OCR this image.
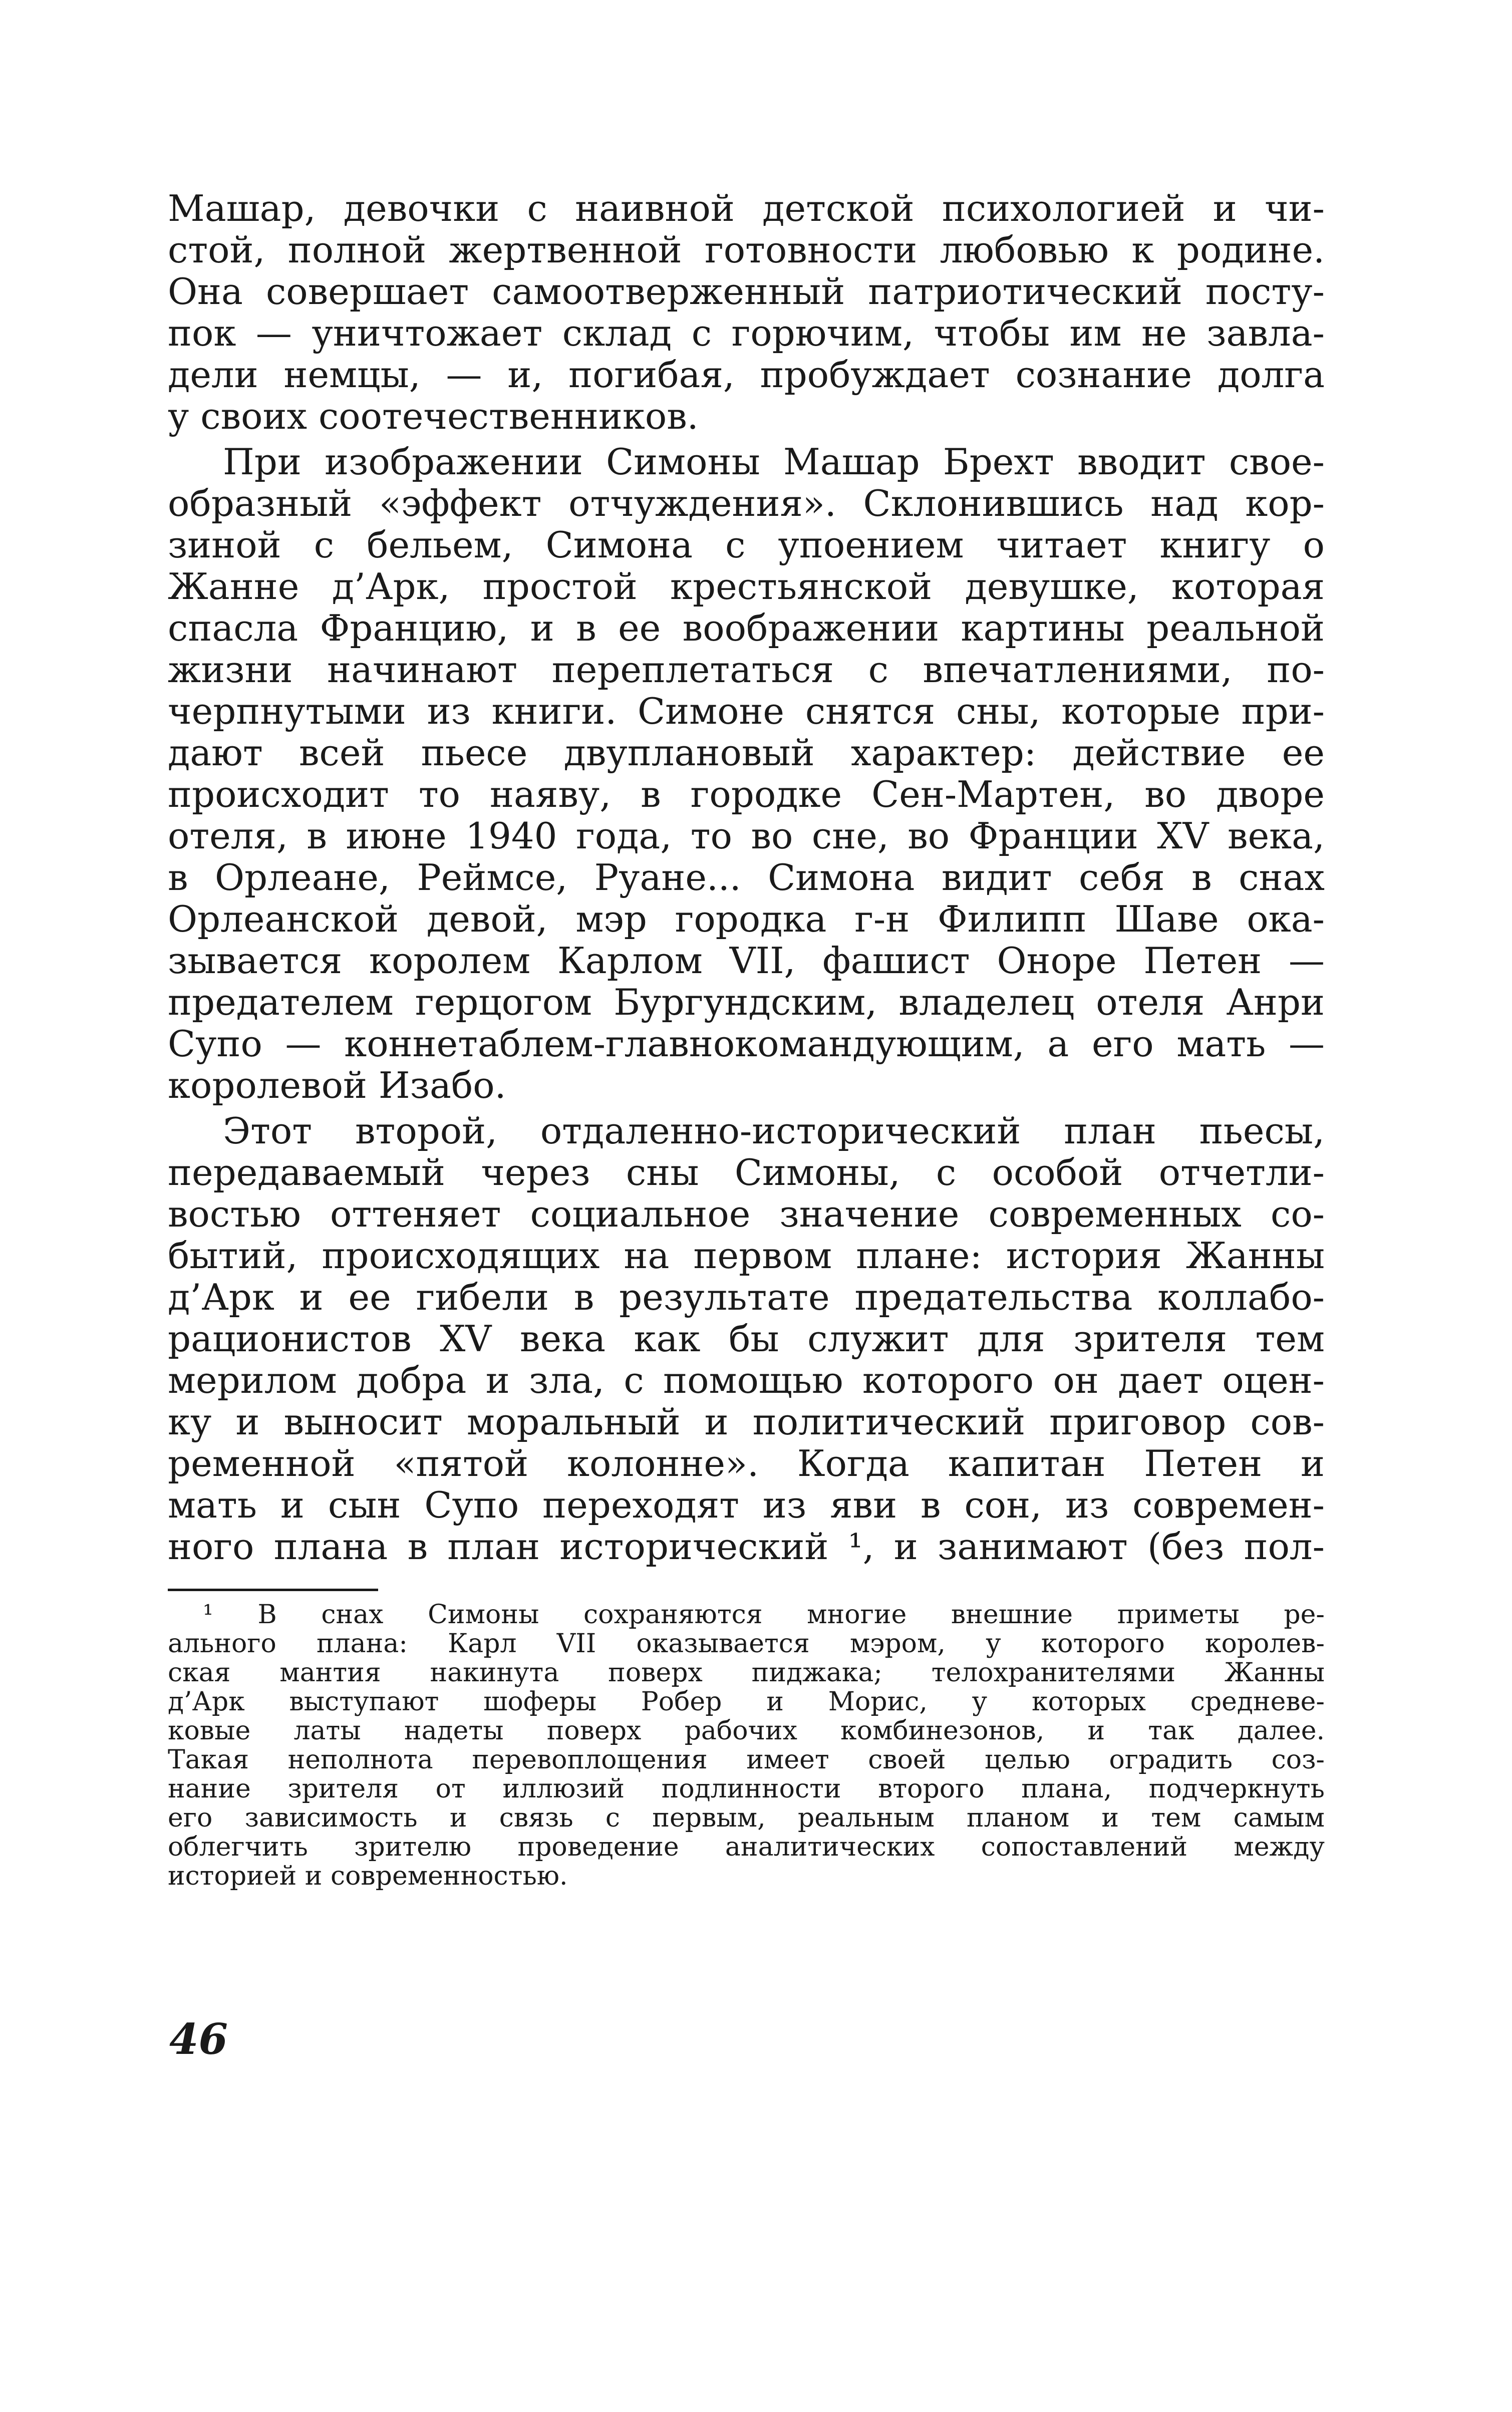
Машар, девочки с наивной детской психологией и чи-
стой, полной жертвенной готовности любовью к родине.
Она совершает самоотверженный патриотический посту-
пок — уничтожает склад с горючим, чтобы им не завла-
дели немцы, — и, погибая, пробуждает сознание долга
у своих соотечественников.
При изображении Симоны Машар Брехт вводит свое-
образный «эффект отчуждения». Склонившись над кор-
зиной с бельем, Симона с упоением читает книгу о
Жанне д’Арк, простой крестьянской девушке, которая
спасла Францию, и в ее воображении картины реальной
жизни начинают переплетаться с впечатлениями, по-
черпнутыми из книги. Симоне снятся сны, которые при-
дают всей пьесе двуплановый характер: действие ее
происходит то наяву, в городке Сен-Мартен, во дворе
отеля, в июне 1940 года, то во сне, во Франции XV века,
в Орлеане, Реймсе, Руане... Симона видит себя в снах
Орлеанской девой, мэр городка г-н Филипп Шаве ока-
зывается королем Карлом VII, фашист Оноре Петен —
предателем герцогом Бургундским, владелец отеля Анри
Супо — коннетаблем-главнокомандующим, а его мать —
королевой Изабо.
Этот второй, отдаленно-исторический план пьесы,
передаваемый через сны Симоны, с особой отчетли-
востью оттеняет социальное значение современных со-
бытий, происходящих на первом плане: история Жанны
д’Арк и ее гибели в результате предательства коллабо-
рационистов XV века как бы служит для зрителя тем
мерилом добра и зла, с помощью которого он дает оцен-
ку и выносит моральный и политический приговор сов-
ременной «пятой колонне». Когда капитан Петен и
мать и сын Супо переходят из яви в сон, из современ-
ного плана в план исторический ¹, и занимают (без пол-
¹ В снах Симоны сохраняются многие внешние приметы ре-
ального плана: Карл VII оказывается мэром, у которого королев-
ская мантия накинута поверх пиджака; телохранителями Жанны
д’Арк выступают шоферы Робер и Морис, у которых средневе-
ковые латы надеты поверх рабочих комбинезонов, и так далее.
Такая неполнота перевоплощения имеет своей целью оградить соз-
нание зрителя от иллюзий подлинности второго плана, подчеркнуть
его зависимость и связь с первым, реальным планом и тем самым
облегчить зрителю проведение аналитических сопоставлений между
историей и современностью.
46
